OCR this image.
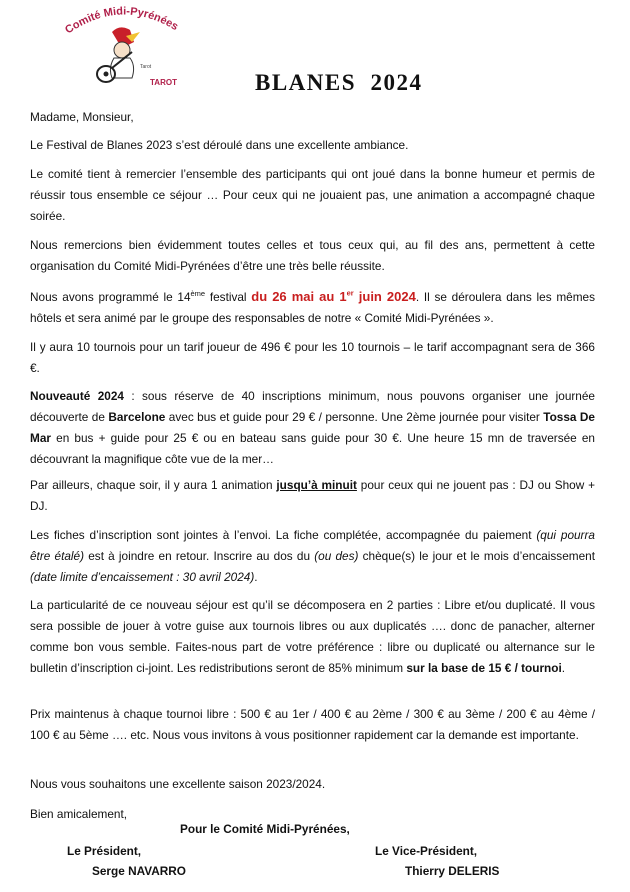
Comité Midi-Pyrénées
Tarot
TAROT	BLANES  2024
Madame, Monsieur,
Le Festival de Blanes 2023 s’est déroulé dans une excellente ambiance.

Le comité tient à remercier l’ensemble des participants qui ont joué dans la bonne humeur et permis de réussir tous ensemble ce séjour … Pour ceux qui ne jouaient pas, une animation a accompagné chaque soirée.

Nous remercions bien évidemment toutes celles et tous ceux qui, au fil des ans, permettent à cette organisation du Comité Midi-Pyrénées d’être une très belle réussite.

Nous avons programmé le 14ème festival du 26 mai au 1er juin 2024. Il se déroulera dans les mêmes hôtels et sera animé par le groupe des responsables de notre « Comité Midi-Pyrénées ».

Il y aura 10 tournois pour un tarif joueur de 496 € pour les 10 tournois – le tarif accompagnant sera de 366 €.

Nouveauté 2024 : sous réserve de 40 inscriptions minimum, nous pouvons organiser une journée découverte de Barcelone avec bus et guide pour 29 € / personne. Une 2ème journée pour visiter Tossa De Mar en bus + guide pour 25 € ou en bateau sans guide pour 30 €. Une heure 15 mn de traversée en découvrant la magnifique côte vue de la mer…

Par ailleurs, chaque soir, il y aura 1 animation jusqu’à minuit pour ceux qui ne jouent pas : DJ ou Show + DJ.

Les fiches d’inscription sont jointes à l’envoi. La fiche complétée, accompagnée du paiement (qui pourra être étalé) est à joindre en retour. Inscrire au dos du (ou des) chèque(s) le jour et le mois d’encaissement (date limite d’encaissement : 30 avril 2024).

La particularité de ce nouveau séjour est qu’il se décomposera en 2 parties : Libre et/ou duplicaté. Il vous sera possible de jouer à votre guise aux tournois libres ou aux duplicatés …. donc de panacher, alterner comme bon vous semble. Faites-nous part de votre préférence : libre ou duplicaté ou alternance sur le bulletin d’inscription ci-joint. Les redistributions seront de 85% minimum sur la base de 15 € / tournoi.

Prix maintenus à chaque tournoi libre : 500 € au 1er / 400 € au 2ème / 300 € au 3ème / 200 € au 4ème / 100 € au 5ème …. etc. Nous vous invitons à vous positionner rapidement car la demande est importante.

Nous vous souhaitons une excellente saison 2023/2024.
Bien amicalement,
Pour le Comité Midi-Pyrénées,
Le Président,
Serge NAVARRO
Le Vice-Président,
Thierry DELERIS
